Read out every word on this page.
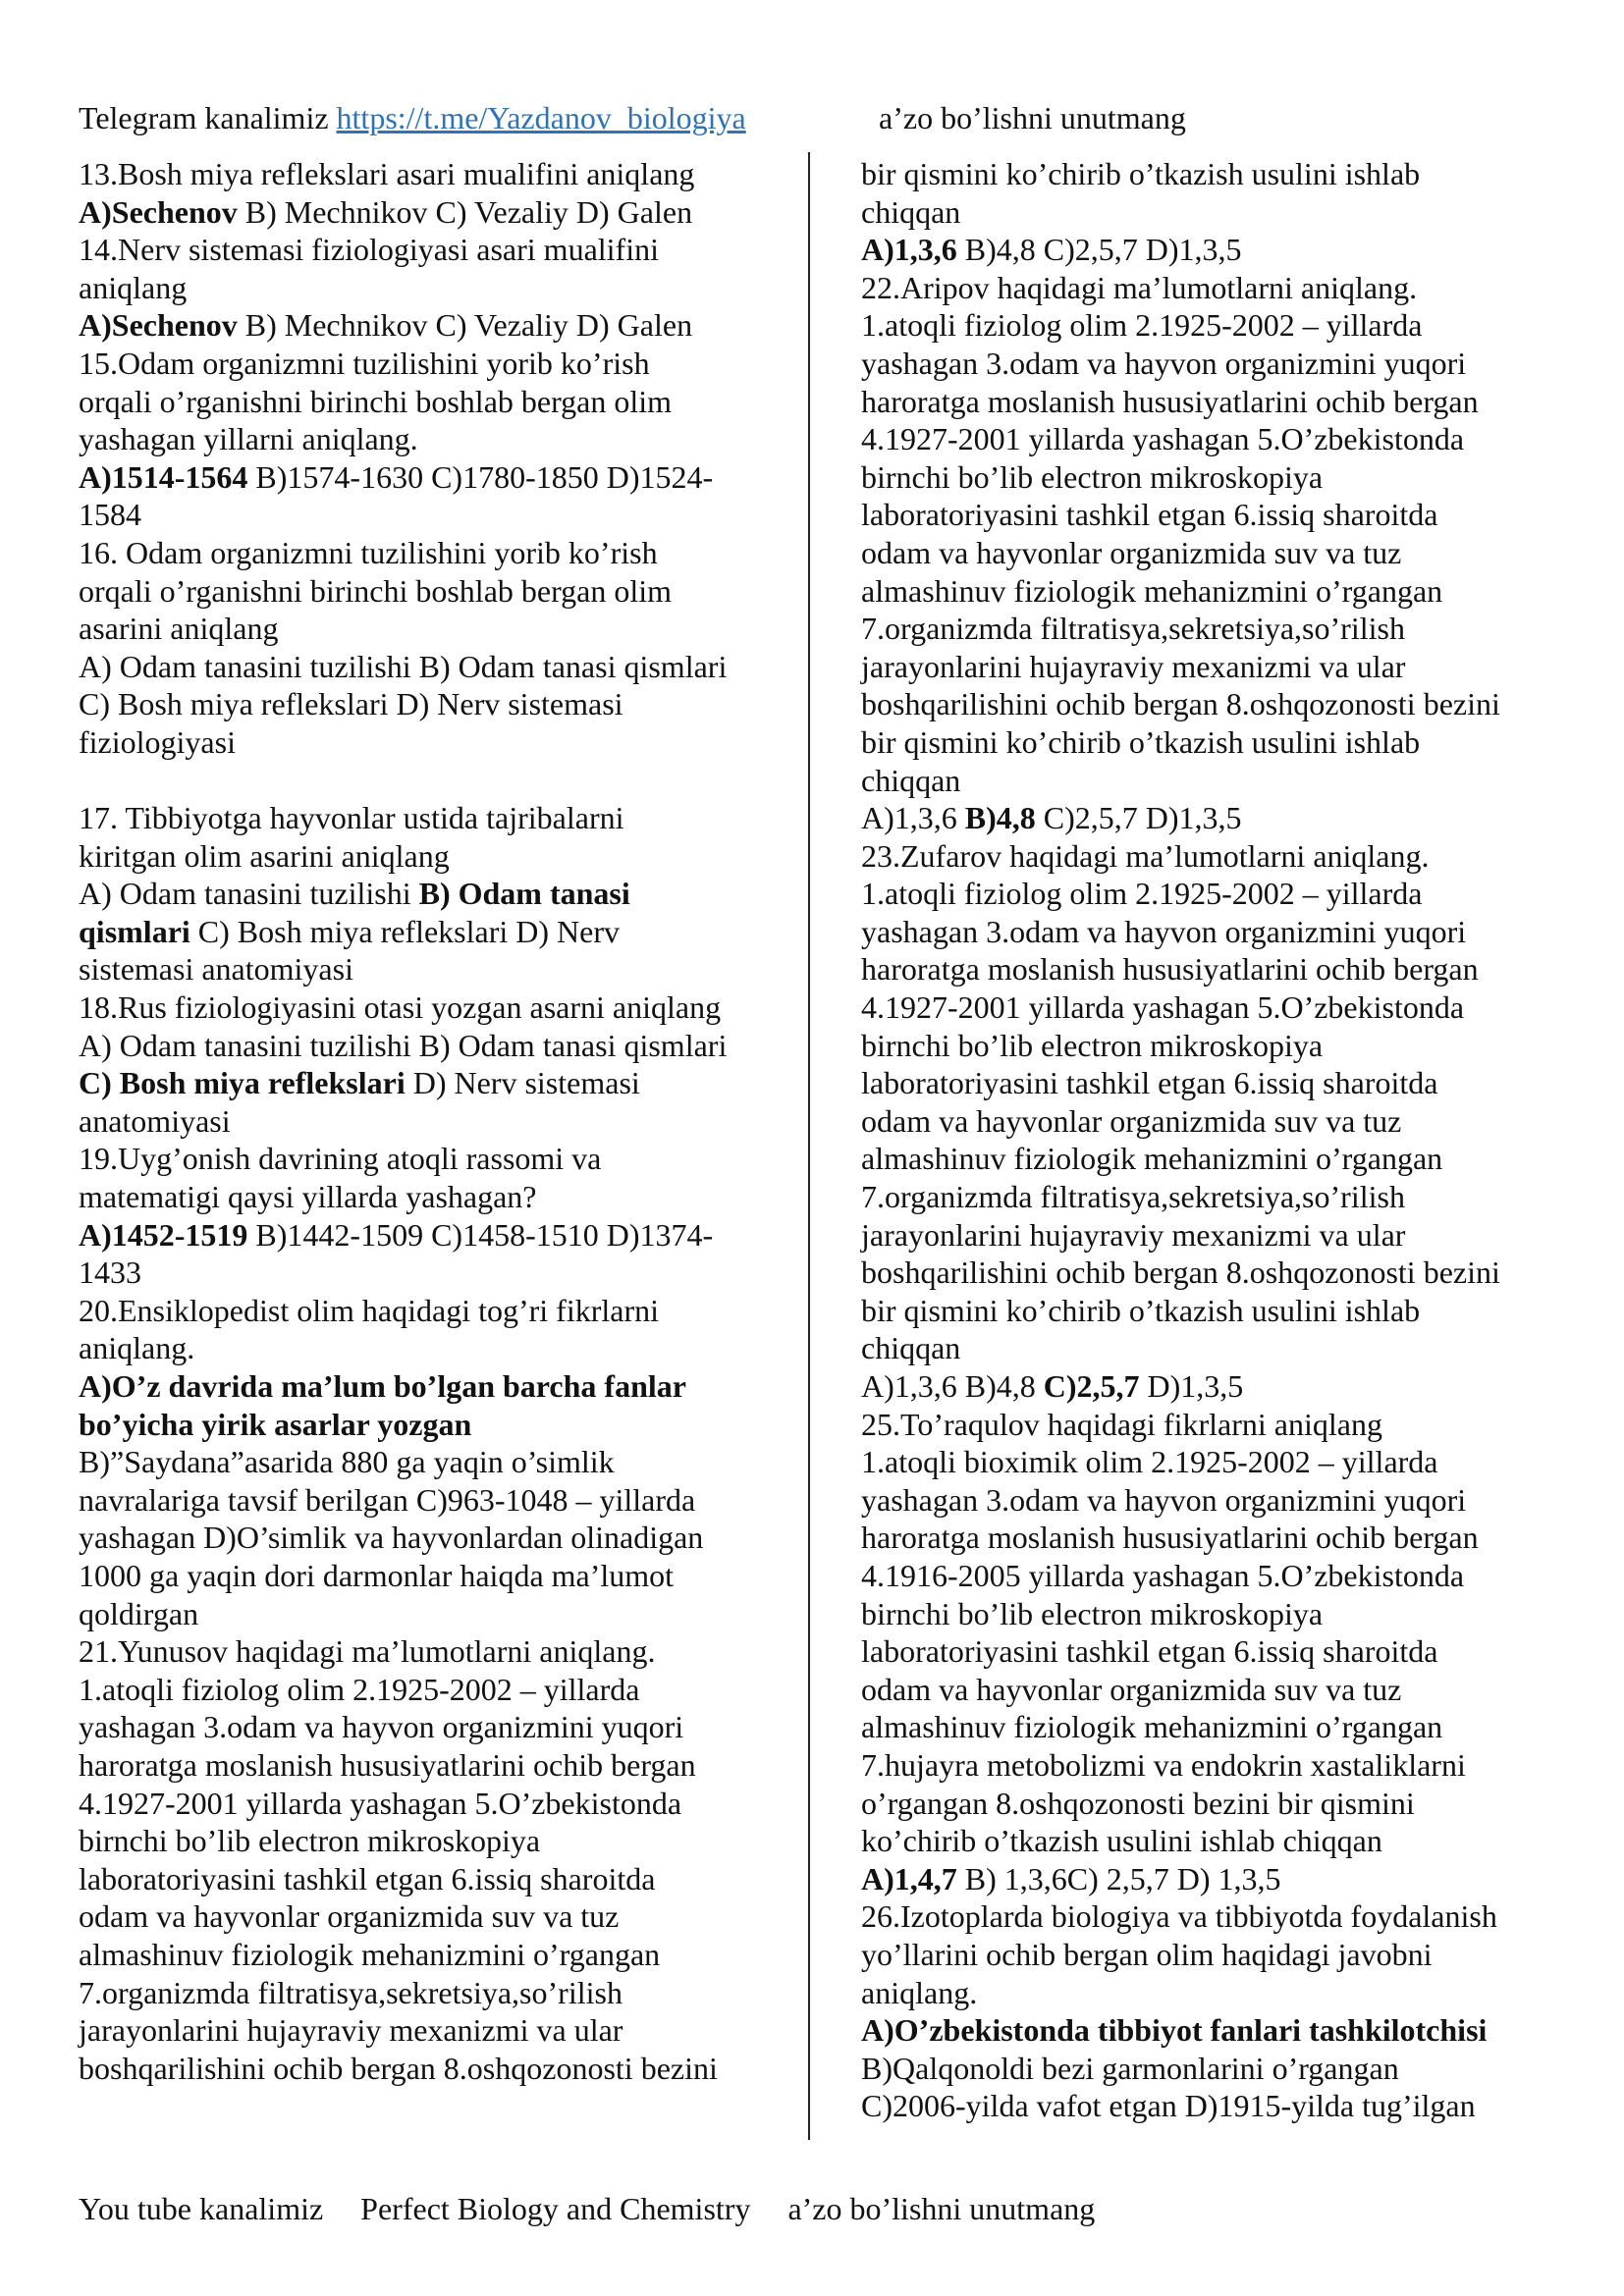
Telegram kanalimiz https://t.me/Yazdanov_biologiya	a’zo bo’lishni unutmang
13.Bosh miya reflekslari asari mualifini aniqlang
A)Sechenov B) Mechnikov C) Vezaliy D) Galen
14.Nerv sistemasi fiziologiyasi asari mualifini
aniqlang
A)Sechenov B) Mechnikov C) Vezaliy D) Galen
15.Odam organizmni tuzilishini yorib ko’rish
orqali o’rganishni birinchi boshlab bergan olim
yashagan yillarni aniqlang.
A)1514-1564 B)1574-1630 C)1780-1850 D)1524-
1584
16. Odam organizmni tuzilishini yorib ko’rish
orqali o’rganishni birinchi boshlab bergan olim
asarini aniqlang
A) Odam tanasini tuzilishi B) Odam tanasi qismlari
C) Bosh miya reflekslari D) Nerv sistemasi
fiziologiyasi
17. Tibbiyotga hayvonlar ustida tajribalarni
kiritgan olim asarini aniqlang
A) Odam tanasini tuzilishi B) Odam tanasi
qismlari C) Bosh miya reflekslari D) Nerv
sistemasi anatomiyasi
18.Rus fiziologiyasini otasi yozgan asarni aniqlang
A) Odam tanasini tuzilishi B) Odam tanasi qismlari
C) Bosh miya reflekslari D) Nerv sistemasi
anatomiyasi
19.Uyg’onish davrining atoqli rassomi va
matematigi qaysi yillarda yashagan?
A)1452-1519 B)1442-1509 C)1458-1510 D)1374-
1433
20.Ensiklopedist olim haqidagi tog’ri fikrlarni
aniqlang.
A)O’z davrida ma’lum bo’lgan barcha fanlar
bo’yicha yirik asarlar yozgan
B)”Saydana”asarida 880 ga yaqin o’simlik
navralariga tavsif berilgan C)963-1048 – yillarda
yashagan D)O’simlik va hayvonlardan olinadigan
1000 ga yaqin dori darmonlar haiqda ma’lumot
qoldirgan
21.Yunusov haqidagi ma’lumotlarni aniqlang.
1.atoqli fiziolog olim 2.1925-2002 – yillarda
yashagan 3.odam va hayvon organizmini yuqori
haroratga moslanish hususiyatlarini ochib bergan
4.1927-2001 yillarda yashagan 5.O’zbekistonda
birnchi bo’lib electron mikroskopiya
laboratoriyasini tashkil etgan 6.issiq sharoitda
odam va hayvonlar organizmida suv va tuz
almashinuv fiziologik mehanizmini o’rgangan
7.organizmda filtratisya,sekretsiya,so’rilish
jarayonlarini hujayraviy mexanizmi va ular
boshqarilishini ochib bergan 8.oshqozonosti bezini
bir qismini ko’chirib o’tkazish usulini ishlab
chiqqan
A)1,3,6 B)4,8 C)2,5,7 D)1,3,5
22.Aripov haqidagi ma’lumotlarni aniqlang.
1.atoqli fiziolog olim 2.1925-2002 – yillarda
yashagan 3.odam va hayvon organizmini yuqori
haroratga moslanish hususiyatlarini ochib bergan
4.1927-2001 yillarda yashagan 5.O’zbekistonda
birnchi bo’lib electron mikroskopiya
laboratoriyasini tashkil etgan 6.issiq sharoitda
odam va hayvonlar organizmida suv va tuz
almashinuv fiziologik mehanizmini o’rgangan
7.organizmda filtratisya,sekretsiya,so’rilish
jarayonlarini hujayraviy mexanizmi va ular
boshqarilishini ochib bergan 8.oshqozonosti bezini
bir qismini ko’chirib o’tkazish usulini ishlab
chiqqan
A)1,3,6 B)4,8 C)2,5,7 D)1,3,5
23.Zufarov haqidagi ma’lumotlarni aniqlang.
1.atoqli fiziolog olim 2.1925-2002 – yillarda
yashagan 3.odam va hayvon organizmini yuqori
haroratga moslanish hususiyatlarini ochib bergan
4.1927-2001 yillarda yashagan 5.O’zbekistonda
birnchi bo’lib electron mikroskopiya
laboratoriyasini tashkil etgan 6.issiq sharoitda
odam va hayvonlar organizmida suv va tuz
almashinuv fiziologik mehanizmini o’rgangan
7.organizmda filtratisya,sekretsiya,so’rilish
jarayonlarini hujayraviy mexanizmi va ular
boshqarilishini ochib bergan 8.oshqozonosti bezini
bir qismini ko’chirib o’tkazish usulini ishlab
chiqqan
A)1,3,6 B)4,8 C)2,5,7 D)1,3,5
25.To’raqulov haqidagi fikrlarni aniqlang
1.atoqli bioximik olim 2.1925-2002 – yillarda
yashagan 3.odam va hayvon organizmini yuqori
haroratga moslanish hususiyatlarini ochib bergan
4.1916-2005 yillarda yashagan 5.O’zbekistonda
birnchi bo’lib electron mikroskopiya
laboratoriyasini tashkil etgan 6.issiq sharoitda
odam va hayvonlar organizmida suv va tuz
almashinuv fiziologik mehanizmini o’rgangan
7.hujayra metobolizmi va endokrin xastaliklarni
o’rgangan 8.oshqozonosti bezini bir qismini
ko’chirib o’tkazish usulini ishlab chiqqan
A)1,4,7 B) 1,3,6C) 2,5,7 D) 1,3,5
26.Izotoplarda biologiya va tibbiyotda foydalanish
yo’llarini ochib bergan olim haqidagi javobni
aniqlang.
A)O’zbekistonda tibbiyot fanlari tashkilotchisi
B)Qalqonoldi bezi garmonlarini o’rgangan
C)2006-yilda vafot etgan D)1915-yilda tug’ilgan
You tube kanalimiz Perfect Biology and Chemistry a’zo bo’lishni unutmang
